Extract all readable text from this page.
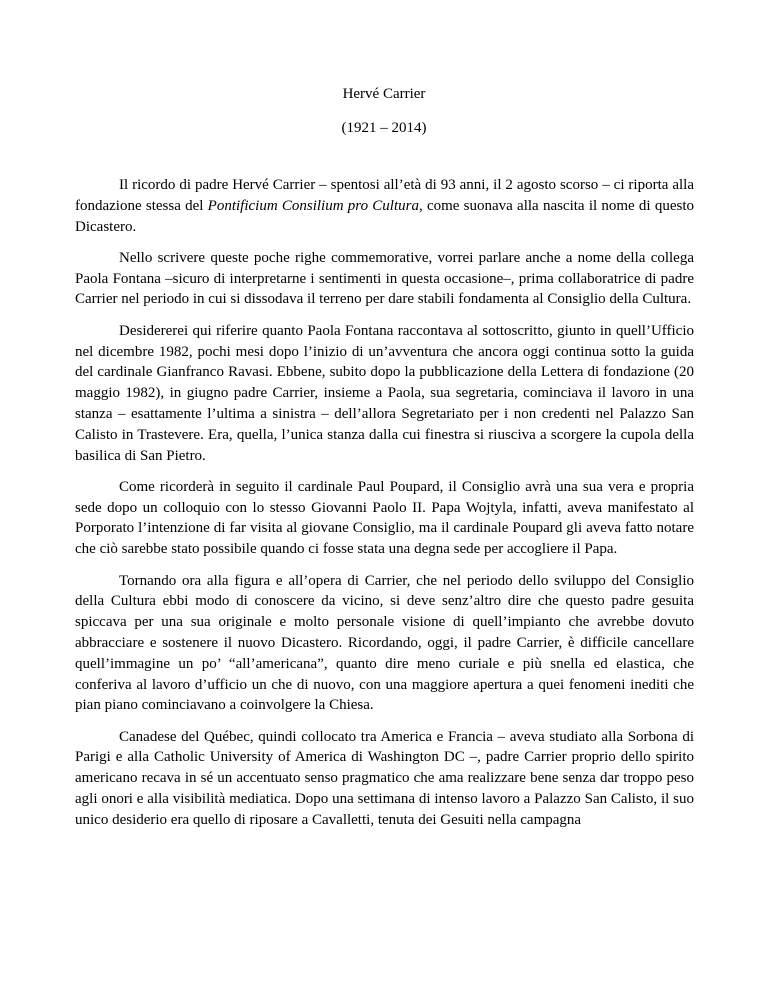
Hervé Carrier
(1921 – 2014)

Il ricordo di padre Hervé Carrier – spentosi all’età di 93 anni, il 2 agosto scorso – ci riporta alla fondazione stessa del Pontificium Consilium pro Cultura, come suonava alla nascita il nome di questo Dicastero.

Nello scrivere queste poche righe commemorative, vorrei parlare anche a nome della collega Paola Fontana –sicuro di interpretarne i sentimenti in questa occasione–, prima collaboratrice di padre Carrier nel periodo in cui si dissodava il terreno per dare stabili fondamenta al Consiglio della Cultura.

Desidererei qui riferire quanto Paola Fontana raccontava al sottoscritto, giunto in quell’Ufficio nel dicembre 1982, pochi mesi dopo l’inizio di un’avventura che ancora oggi continua sotto la guida del cardinale Gianfranco Ravasi. Ebbene, subito dopo la pubblicazione della Lettera di fondazione (20 maggio 1982), in giugno padre Carrier, insieme a Paola, sua segretaria, cominciava il lavoro in una stanza – esattamente l’ultima a sinistra – dell’allora Segretariato per i non credenti nel Palazzo San Calisto in Trastevere. Era, quella, l’unica stanza dalla cui finestra si riusciva a scorgere la cupola della basilica di San Pietro.

Come ricorderà in seguito il cardinale Paul Poupard, il Consiglio avrà una sua vera e propria sede dopo un colloquio con lo stesso Giovanni Paolo II. Papa Wojtyla, infatti, aveva manifestato al Porporato l’intenzione di far visita al giovane Consiglio, ma il cardinale Poupard gli aveva fatto notare che ciò sarebbe stato possibile quando ci fosse stata una degna sede per accogliere il Papa.

Tornando ora alla figura e all’opera di Carrier, che nel periodo dello sviluppo del Consiglio della Cultura ebbi modo di conoscere da vicino, si deve senz’altro dire che questo padre gesuita spiccava per una sua originale e molto personale visione di quell’impianto che avrebbe dovuto abbracciare e sostenere il nuovo Dicastero. Ricordando, oggi, il padre Carrier, è difficile cancellare quell’immagine un po’ “all’americana”, quanto dire meno curiale e più snella ed elastica, che conferiva al lavoro d’ufficio un che di nuovo, con una maggiore apertura a quei fenomeni inediti che pian piano cominciavano a coinvolgere la Chiesa.

Canadese del Québec, quindi collocato tra America e Francia – aveva studiato alla Sorbona di Parigi e alla Catholic University of America di Washington DC –, padre Carrier proprio dello spirito americano recava in sé un accentuato senso pragmatico che ama realizzare bene senza dar troppo peso agli onori e alla visibilità mediatica. Dopo una settimana di intenso lavoro a Palazzo San Calisto, il suo unico desiderio era quello di riposare a Cavalletti, tenuta dei Gesuiti nella campagna
